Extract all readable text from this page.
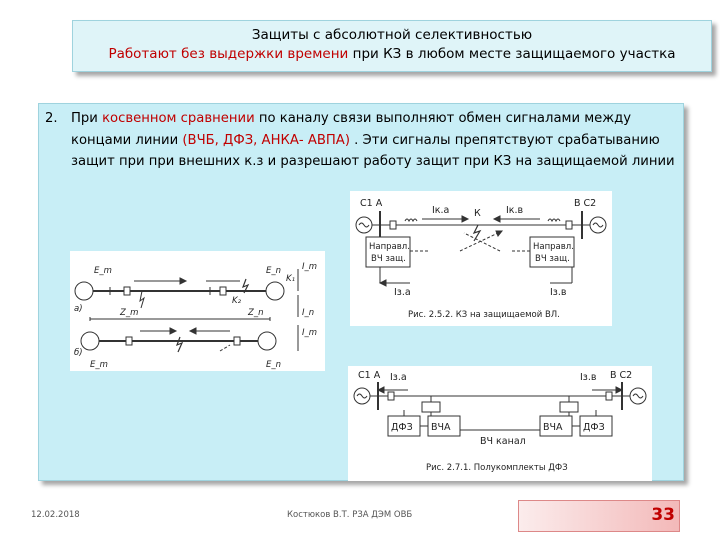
Защиты с абсолютной селективностью
Работают без выдержки времени при КЗ в любом месте защищаемого участка
2. При косвенном сравнении по каналу связи выполняют обмен сигналами между концами линии (ВЧБ, ДФЗ, АНКА- АВПА) . Эти сигналы препятствуют срабатыванию защит при при внешних к.з и разрешают работу защит при КЗ на защищаемой линии
С1 А	В С2
Iк.а	К	Iк.в
Направл.
ВЧ защ.
Направл.
ВЧ защ.
Iз.а	Iз.в
Рис. 2.5.2. КЗ на защищаемой ВЛ.
а)
б)
E_m	E_n I_m
I_n
K₁
K₂
Z_m	Z_n
I_m
E_m	E_n
С1 А	В С2
Iз.а	Iз.в
ДФЗ ВЧА
ВЧ канал
ВЧА ДФЗ
Рис. 2.7.1. Полукомплекты ДФЗ
12.02.2018	Костюков В.Т. РЗА ДЭМ ОВБ	33
